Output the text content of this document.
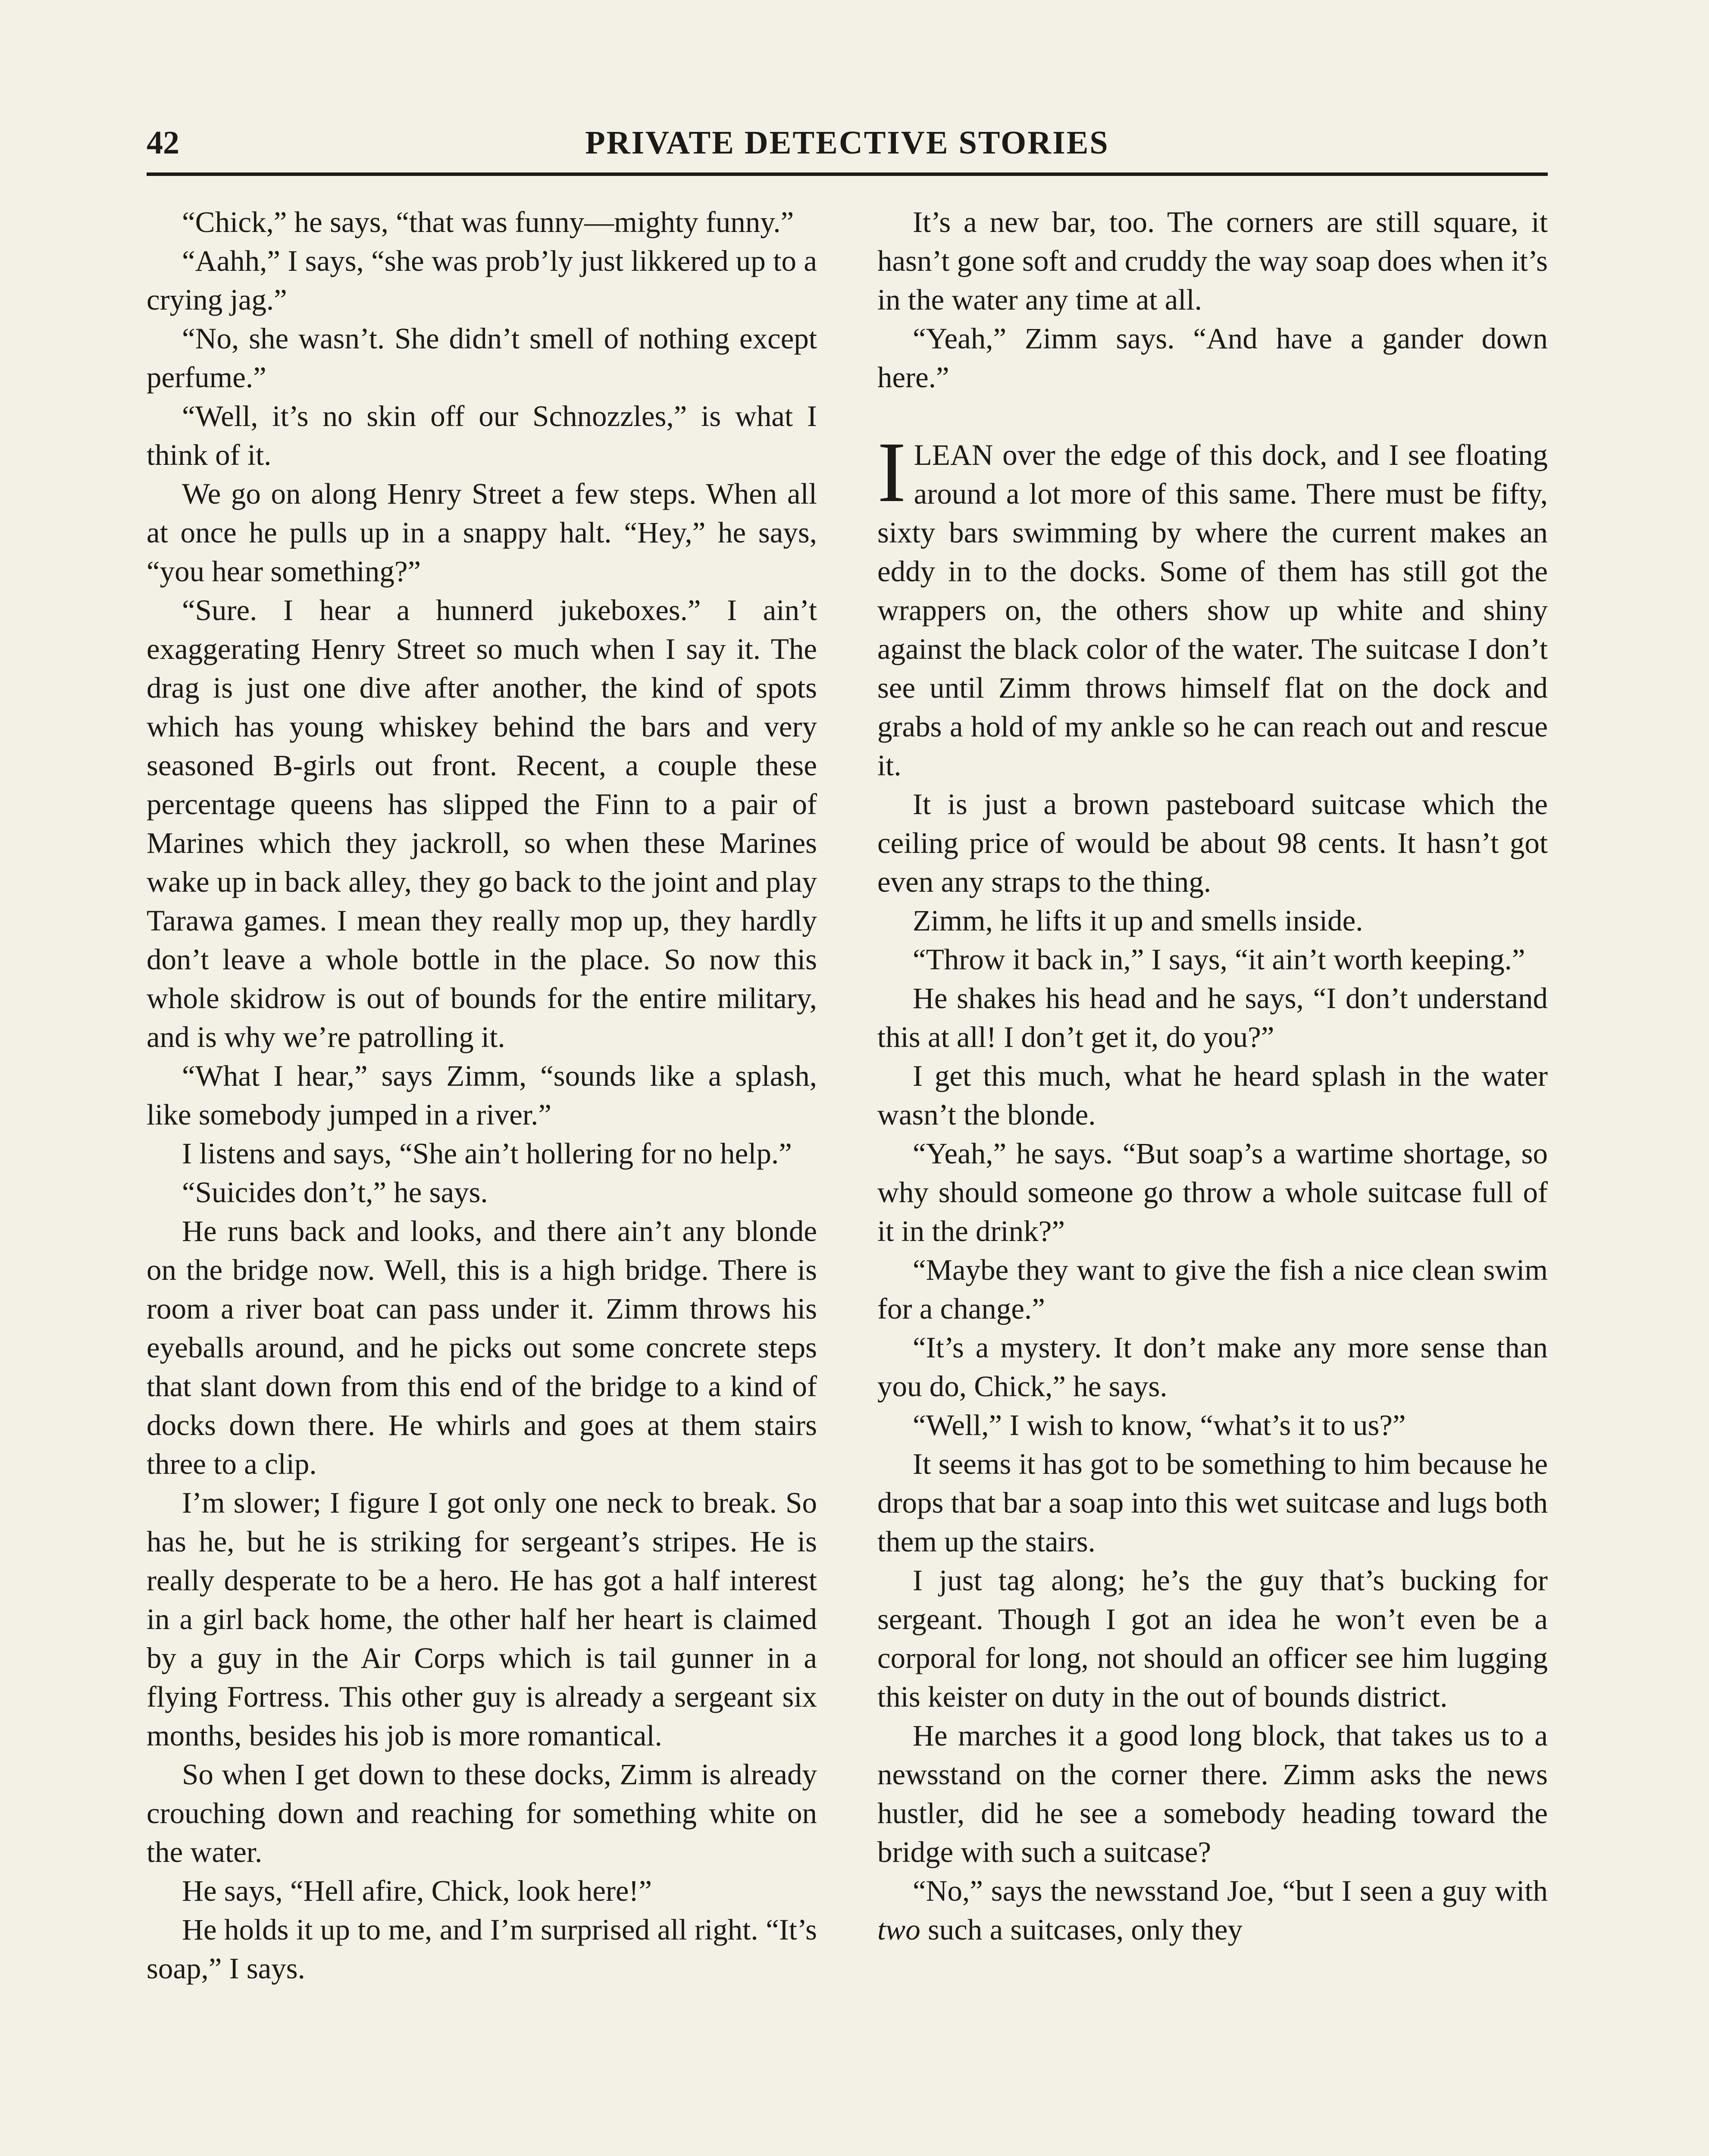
42	PRIVATE DETECTIVE STORIES

“Chick,” he says, “that was funny—mighty funny.”

“Aahh,” I says, “she was prob’ly just likkered up to a crying jag.”

“No, she wasn’t. She didn’t smell of nothing except perfume.”

“Well, it’s no skin off our Schnozzles,” is what I think of it.

We go on along Henry Street a few steps. When all at once he pulls up in a snappy halt. “Hey,” he says, “you hear something?”

“Sure. I hear a hunnerd jukeboxes.” I ain’t exaggerating Henry Street so much when I say it. The drag is just one dive after another, the kind of spots which has young whiskey behind the bars and very seasoned B-girls out front. Recent, a couple these percentage queens has slipped the Finn to a pair of Marines which they jackroll, so when these Marines wake up in back alley, they go back to the joint and play Tarawa games. I mean they really mop up, they hardly don’t leave a whole bottle in the place. So now this whole skidrow is out of bounds for the entire military, and is why we’re patrolling it.

“What I hear,” says Zimm, “sounds like a splash, like somebody jumped in a river.”

I listens and says, “She ain’t hollering for no help.”

“Suicides don’t,” he says.

He runs back and looks, and there ain’t any blonde on the bridge now. Well, this is a high bridge. There is room a river boat can pass under it. Zimm throws his eyeballs around, and he picks out some concrete steps that slant down from this end of the bridge to a kind of docks down there. He whirls and goes at them stairs three to a clip.

I’m slower; I figure I got only one neck to break. So has he, but he is striking for sergeant’s stripes. He is really desperate to be a hero. He has got a half interest in a girl back home, the other half her heart is claimed by a guy in the Air Corps which is tail gunner in a flying Fortress. This other guy is already a sergeant six months, besides his job is more romantical.

So when I get down to these docks, Zimm is already crouching down and reaching for something white on the water.

He says, “Hell afire, Chick, look here!”

He holds it up to me, and I’m surprised all right. “It’s soap,” I says.

It’s a new bar, too. The corners are still square, it hasn’t gone soft and cruddy the way soap does when it’s in the water any time at all.

“Yeah,” Zimm says. “And have a gander down here.”

ILEAN over the edge of this dock, and I see floating around a lot more of this same. There must be fifty, sixty bars swimming by where the current makes an eddy in to the docks. Some of them has still got the wrappers on, the others show up white and shiny against the black color of the water. The suitcase I don’t see until Zimm throws himself flat on the dock and grabs a hold of my ankle so he can reach out and rescue it.

It is just a brown pasteboard suitcase which the ceiling price of would be about 98 cents. It hasn’t got even any straps to the thing.

Zimm, he lifts it up and smells inside.

“Throw it back in,” I says, “it ain’t worth keeping.”

He shakes his head and he says, “I don’t understand this at all! I don’t get it, do you?”

I get this much, what he heard splash in the water wasn’t the blonde.

“Yeah,” he says. “But soap’s a wartime shortage, so why should someone go throw a whole suitcase full of it in the drink?”

“Maybe they want to give the fish a nice clean swim for a change.”

“It’s a mystery. It don’t make any more sense than you do, Chick,” he says.

“Well,” I wish to know, “what’s it to us?”

It seems it has got to be something to him because he drops that bar a soap into this wet suitcase and lugs both them up the stairs.

I just tag along; he’s the guy that’s bucking for sergeant. Though I got an idea he won’t even be a corporal for long, not should an officer see him lugging this keister on duty in the out of bounds district.

He marches it a good long block, that takes us to a newsstand on the corner there. Zimm asks the news hustler, did he see a somebody heading toward the bridge with such a suitcase?

“No,” says the newsstand Joe, “but I seen a guy with two such a suitcases, only they
